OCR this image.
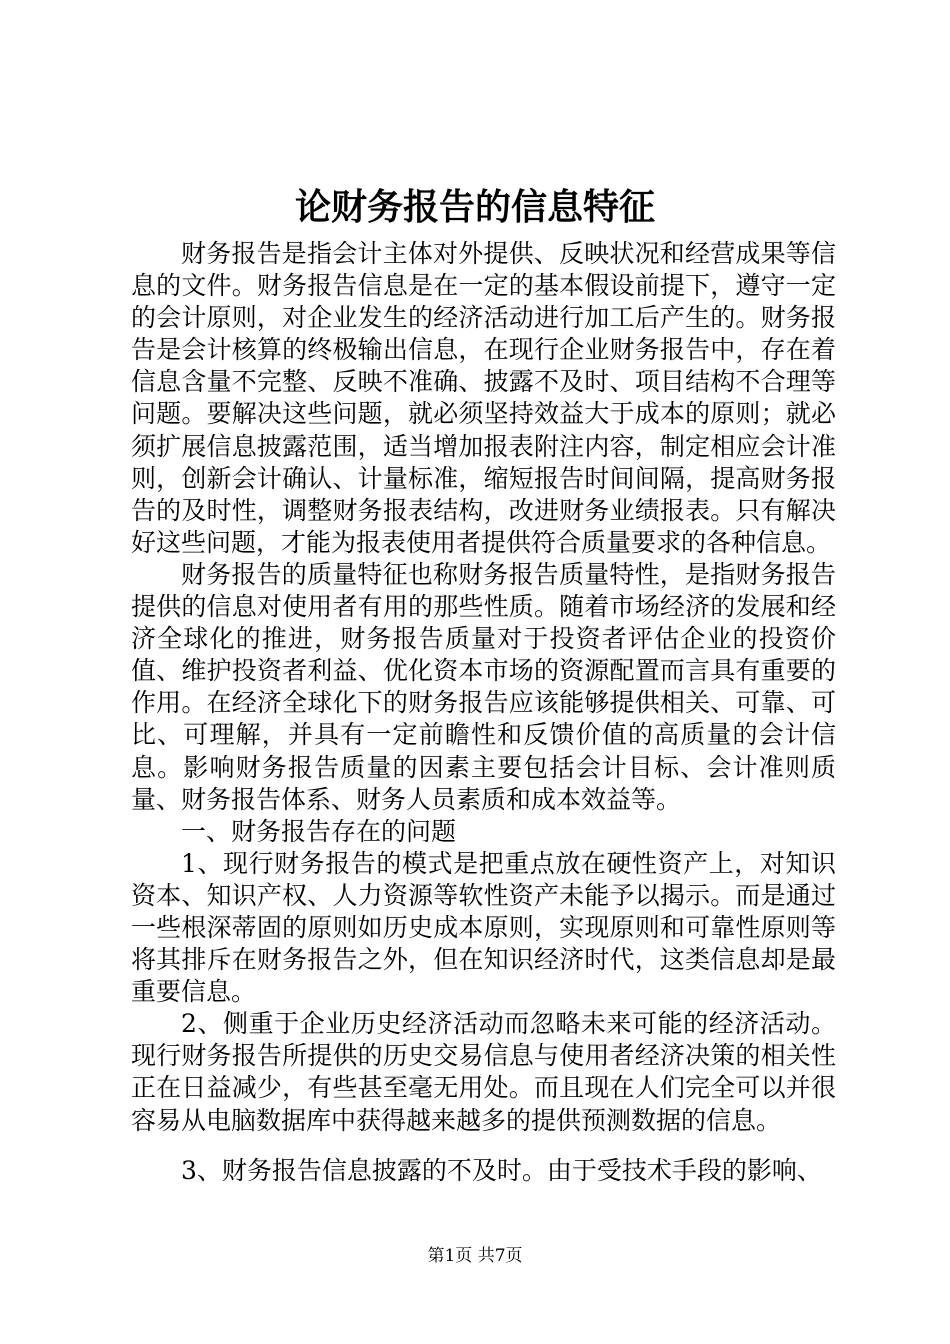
论财务报告的信息特征

财务报告是指会计主体对外提供、反映状况和经营成果等信息的文件。财务报告信息是在一定的基本假设前提下，遵守一定的会计原则，对企业发生的经济活动进行加工后产生的。财务报告是会计核算的终极输出信息，在现行企业财务报告中，存在着信息含量不完整、反映不准确、披露不及时、项目结构不合理等问题。要解决这些问题，就必须坚持效益大于成本的原则；就必须扩展信息披露范围，适当增加报表附注内容，制定相应会计准则，创新会计确认、计量标准，缩短报告时间间隔，提高财务报告的及时性，调整财务报表结构，改进财务业绩报表。只有解决好这些问题，才能为报表使用者提供符合质量要求的各种信息。

财务报告的质量特征也称财务报告质量特性，是指财务报告提供的信息对使用者有用的那些性质。随着市场经济的发展和经济全球化的推进，财务报告质量对于投资者评估企业的投资价值、维护投资者利益、优化资本市场的资源配置而言具有重要的作用。在经济全球化下的财务报告应该能够提供相关、可靠、可比、可理解，并具有一定前瞻性和反馈价值的高质量的会计信息。影响财务报告质量的因素主要包括会计目标、会计准则质量、财务报告体系、财务人员素质和成本效益等。

一、财务报告存在的问题

1、现行财务报告的模式是把重点放在硬性资产上，对知识资本、知识产权、人力资源等软性资产未能予以揭示。而是通过一些根深蒂固的原则如历史成本原则，实现原则和可靠性原则等将其排斥在财务报告之外，但在知识经济时代，这类信息却是最重要信息。

2、侧重于企业历史经济活动而忽略未来可能的经济活动。现行财务报告所提供的历史交易信息与使用者经济决策的相关性正在日益减少，有些甚至毫无用处。而且现在人们完全可以并很容易从电脑数据库中获得越来越多的提供预测数据的信息。

3、财务报告信息披露的不及时。由于受技术手段的影响、

第1页 共7页
